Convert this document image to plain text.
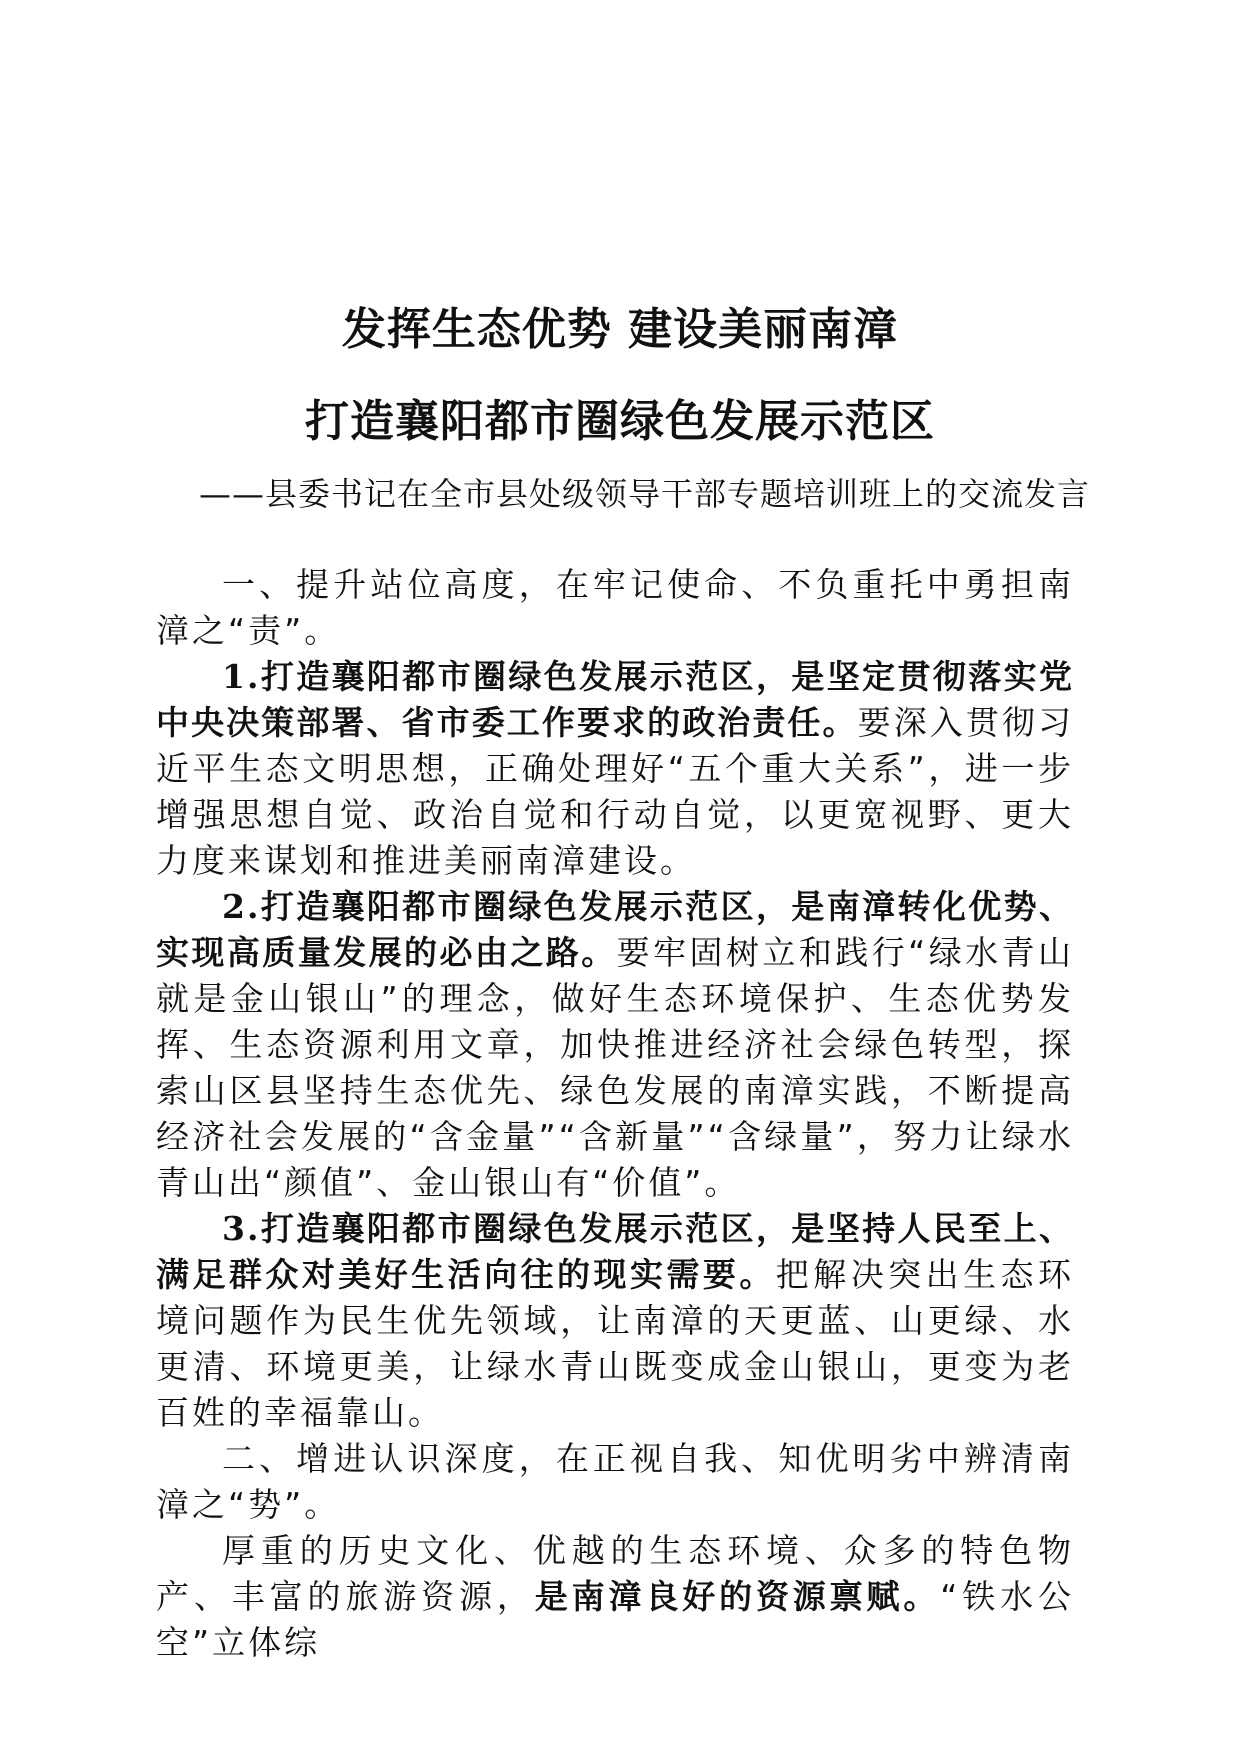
发挥生态优势 建设美丽南漳
打造襄阳都市圈绿色发展示范区
——县委书记在全市县处级领导干部专题培训班上的交流发言

一、提升站位高度，在牢记使命、不负重托中勇担南漳之“责”。

1.打造襄阳都市圈绿色发展示范区，是坚定贯彻落实党中央决策部署、省市委工作要求的政治责任。要深入贯彻习近平生态文明思想，正确处理好“五个重大关系”，进一步增强思想自觉、政治自觉和行动自觉，以更宽视野、更大力度来谋划和推进美丽南漳建设。

2.打造襄阳都市圈绿色发展示范区，是南漳转化优势、实现高质量发展的必由之路。要牢固树立和践行“绿水青山就是金山银山”的理念，做好生态环境保护、生态优势发挥、生态资源利用文章，加快推进经济社会绿色转型，探索山区县坚持生态优先、绿色发展的南漳实践，不断提高经济社会发展的“含金量”“含新量”“含绿量”，努力让绿水青山出“颜值”、金山银山有“价值”。

3.打造襄阳都市圈绿色发展示范区，是坚持人民至上、满足群众对美好生活向往的现实需要。把解决突出生态环境问题作为民生优先领域，让南漳的天更蓝、山更绿、水更清、环境更美，让绿水青山既变成金山银山，更变为老百姓的幸福靠山。

二、增进认识深度，在正视自我、知优明劣中辨清南漳之“势”。

厚重的历史文化、优越的生态环境、众多的特色物产、丰富的旅游资源，是南漳良好的资源禀赋。“铁水公空”立体综
